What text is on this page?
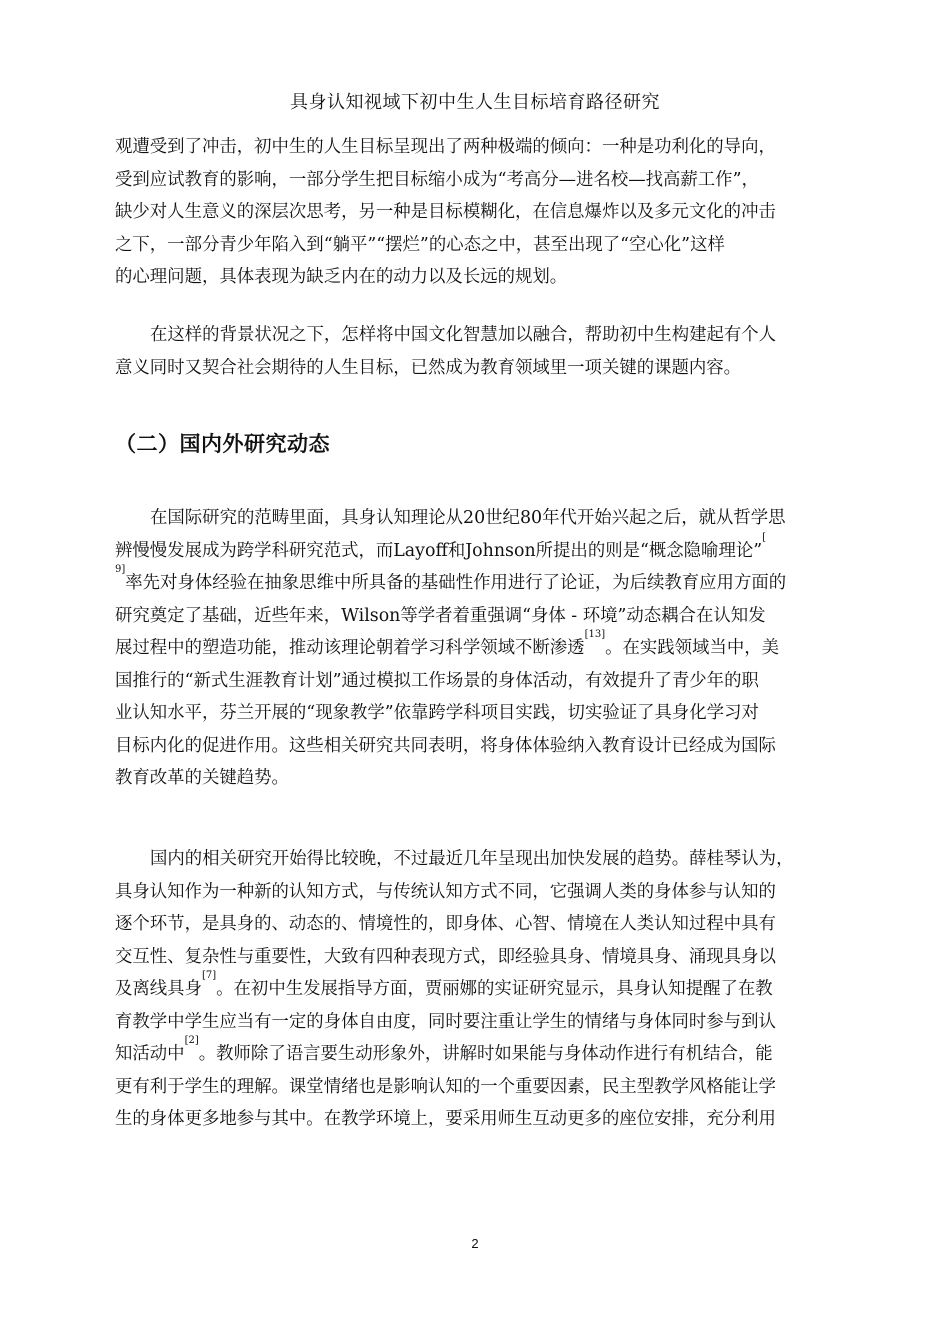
具身认知视域下初中生人生目标培育路径研究
观遭受到了冲击，初中生的人生目标呈现出了两种极端的倾向：一种是功利化的导向，
受到应试教育的影响，一部分学生把目标缩小成为“考高分—进名校—找高薪工作”，
缺少对人生意义的深层次思考，另一种是目标模糊化，在信息爆炸以及多元文化的冲击
之下，一部分青少年陷入到“躺平”“摆烂”的心态之中，甚至出现了“空心化”这样
的心理问题，具体表现为缺乏内在的动力以及长远的规划。
在这样的背景状况之下，怎样将中国文化智慧加以融合，帮助初中生构建起有个人
意义同时又契合社会期待的人生目标，已然成为教育领域里一项关键的课题内容。
（二）国内外研究动态
在国际研究的范畴里面，具身认知理论从20世纪80年代开始兴起之后，就从哲学思
辨慢慢发展成为跨学科研究范式，而Layoff和Johnson所提出的则是“概念隐喻理论”[
$^{9]}$率先对身体经验在抽象思维中所具备的基础性作用进行了论证，为后续教育应用方面的
研究奠定了基础，近些年来，Wilson等学者着重强调“身体 - 环境”动态耦合在认知发
展过程中的塑造功能，推动该理论朝着学习科学领域不断渗透[13]。在实践领域当中，美
国推行的“新式生涯教育计划”通过模拟工作场景的身体活动，有效提升了青少年的职
业认知水平，芬兰开展的“现象教学”依靠跨学科项目实践，切实验证了具身化学习对
目标内化的促进作用。这些相关研究共同表明，将身体体验纳入教育设计已经成为国际
教育改革的关键趋势。
国内的相关研究开始得比较晚，不过最近几年呈现出加快发展的趋势。薛桂琴认为，
具身认知作为一种新的认知方式，与传统认知方式不同，它强调人类的身体参与认知的
逐个环节，是具身的、动态的、情境性的，即身体、心智、情境在人类认知过程中具有
交互性、复杂性与重要性，大致有四种表现方式，即经验具身、情境具身、涌现具身以
及离线具身[7]。在初中生发展指导方面，贾丽娜的实证研究显示，具身认知提醒了在教
育教学中学生应当有一定的身体自由度，同时要注重让学生的情绪与身体同时参与到认
知活动中[2]。教师除了语言要生动形象外，讲解时如果能与身体动作进行有机结合，能
更有利于学生的理解。课堂情绪也是影响认知的一个重要因素，民主型教学风格能让学
生的身体更多地参与其中。在教学环境上，要采用师生互动更多的座位安排，充分利用
2
